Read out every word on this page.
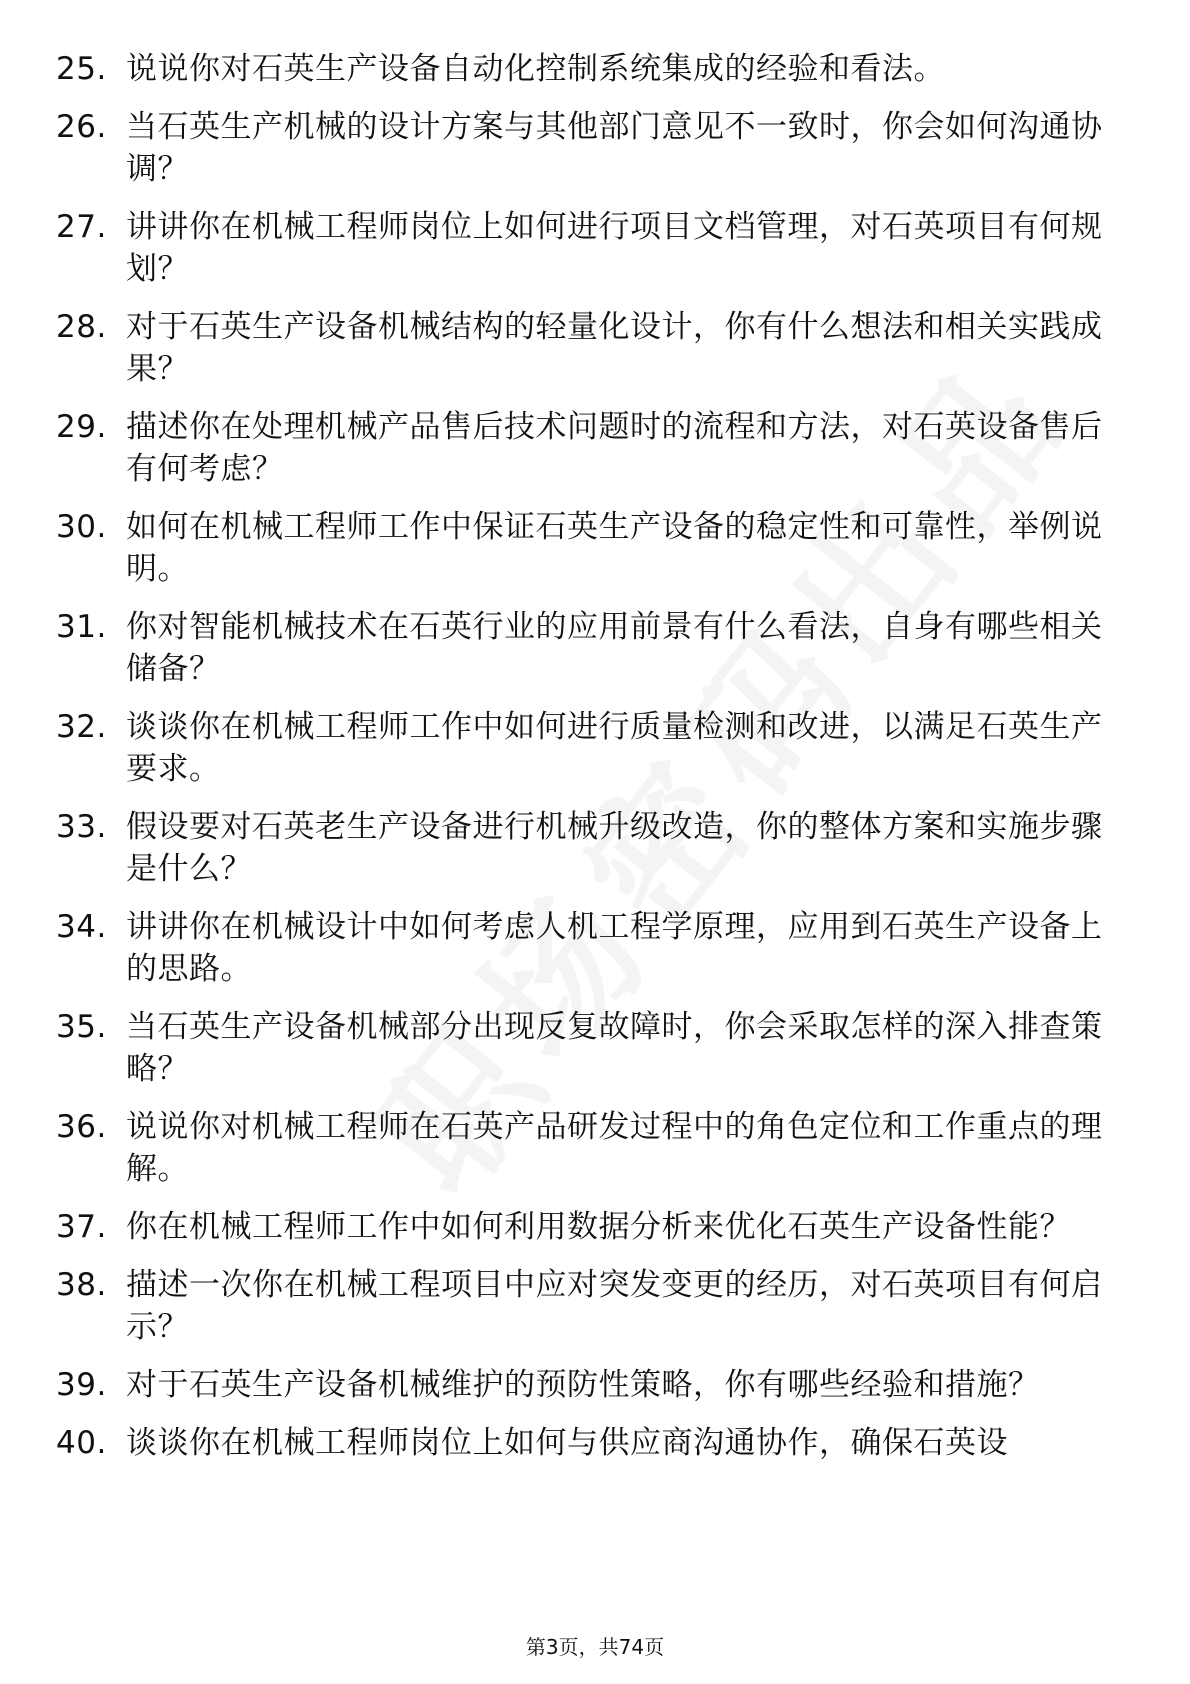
25. 说说你对石英生产设备自动化控制系统集成的经验和看法。
26. 当石英生产机械的设计方案与其他部门意见不一致时，你会如何沟通协调？
27. 讲讲你在机械工程师岗位上如何进行项目文档管理，对石英项目有何规划？
28. 对于石英生产设备机械结构的轻量化设计，你有什么想法和相关实践成果？
29. 描述你在处理机械产品售后技术问题时的流程和方法，对石英设备售后有何考虑？
30. 如何在机械工程师工作中保证石英生产设备的稳定性和可靠性，举例说明。
31. 你对智能机械技术在石英行业的应用前景有什么看法，自身有哪些相关储备？
32. 谈谈你在机械工程师工作中如何进行质量检测和改进，以满足石英生产要求。
33. 假设要对石英老生产设备进行机械升级改造，你的整体方案和实施步骤是什么？
34. 讲讲你在机械设计中如何考虑人机工程学原理，应用到石英生产设备上的思路。
35. 当石英生产设备机械部分出现反复故障时，你会采取怎样的深入排查策略？
36. 说说你对机械工程师在石英产品研发过程中的角色定位和工作重点的理解。
37. 你在机械工程师工作中如何利用数据分析来优化石英生产设备性能？
38. 描述一次你在机械工程项目中应对突发变更的经历，对石英项目有何启示？
39. 对于石英生产设备机械维护的预防性策略，你有哪些经验和措施？
40. 谈谈你在机械工程师岗位上如何与供应商沟通协作，确保石英设
第3页，共74页
